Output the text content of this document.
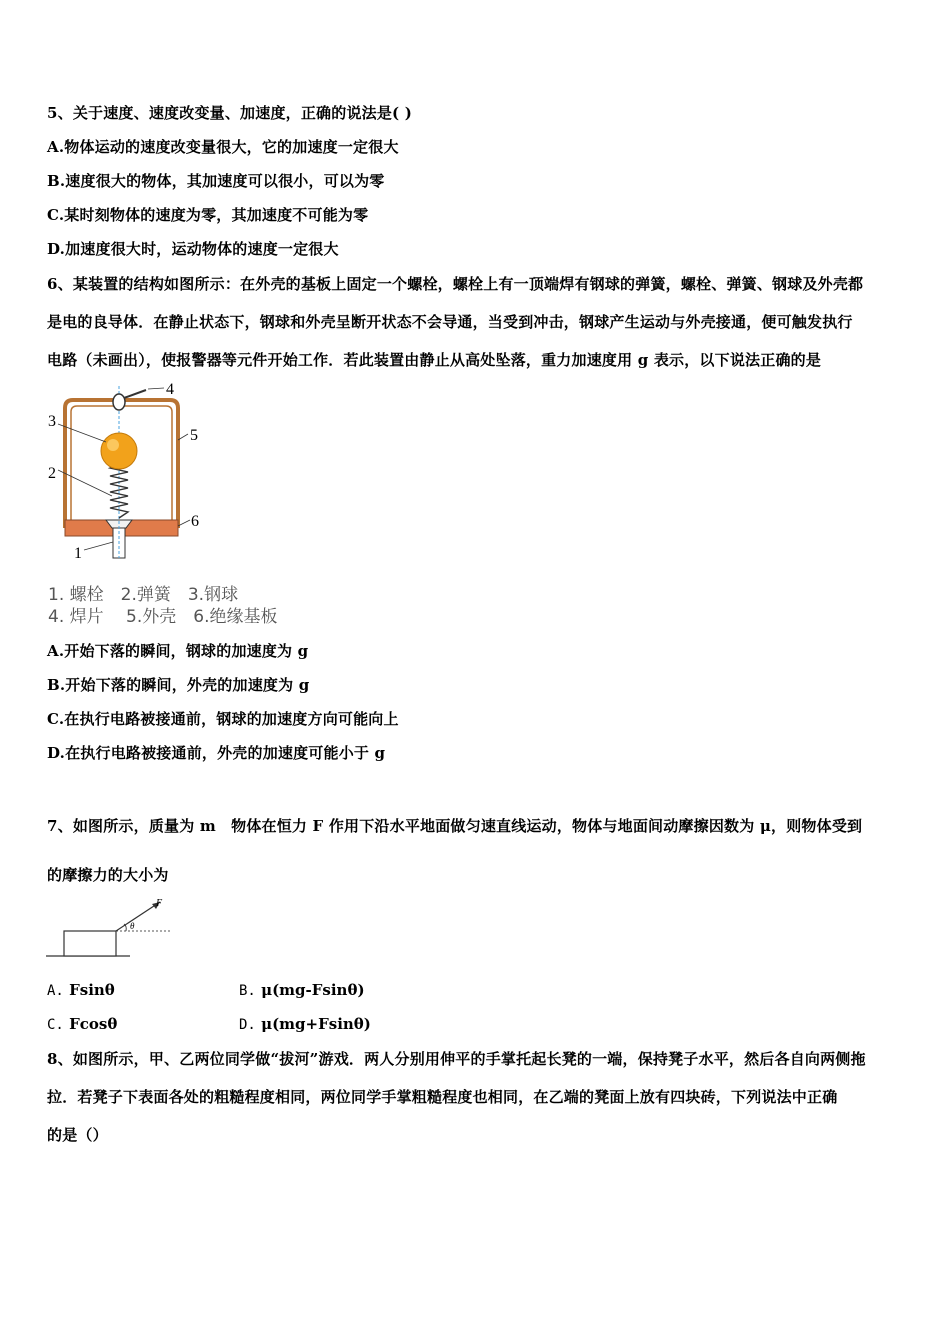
5、关于速度、速度改变量、加速度，正确的说法是( )
A.物体运动的速度改变量很大，它的加速度一定很大
B.速度很大的物体，其加速度可以很小，可以为零
C.某时刻物体的速度为零，其加速度不可能为零
D.加速度很大时，运动物体的速度一定很大
6、某装置的结构如图所示：在外壳的基板上固定一个螺栓，螺栓上有一顶端焊有钢球的弹簧，螺栓、弹簧、钢球及外壳都
是电的良导体．在静止状态下，钢球和外壳呈断开状态不会导通，当受到冲击，钢球产生运动与外壳接通，便可触发执行
电路（未画出），使报警器等元件开始工作．若此装置由静止从高处坠落，重力加速度用 g 表示，以下说法正确的是
4
3
5
2
6
1
1. 螺栓　2.弹簧　3.钢球
4. 焊片　 5.外壳　6.绝缘基板
A.开始下落的瞬间，钢球的加速度为 g
B.开始下落的瞬间，外壳的加速度为 g
C.在执行电路被接通前，钢球的加速度方向可能向上
D.在执行电路被接通前，外壳的加速度可能小于 g
7、如图所示，质量为 m　物体在恒力 F 作用下沿水平地面做匀速直线运动，物体与地面间动摩擦因数为 μ，则物体受到
的摩擦力的大小为
F
θ
A. Fsinθ	B. μ(mg-Fsinθ)
C. Fcosθ	D. μ(mg+Fsinθ)
8、如图所示，甲、乙两位同学做“拔河”游戏．两人分别用伸平的手掌托起长凳的一端，保持凳子水平，然后各自向两侧拖
拉．若凳子下表面各处的粗糙程度相同，两位同学手掌粗糙程度也相同，在乙端的凳面上放有四块砖，下列说法中正确
的是（）
